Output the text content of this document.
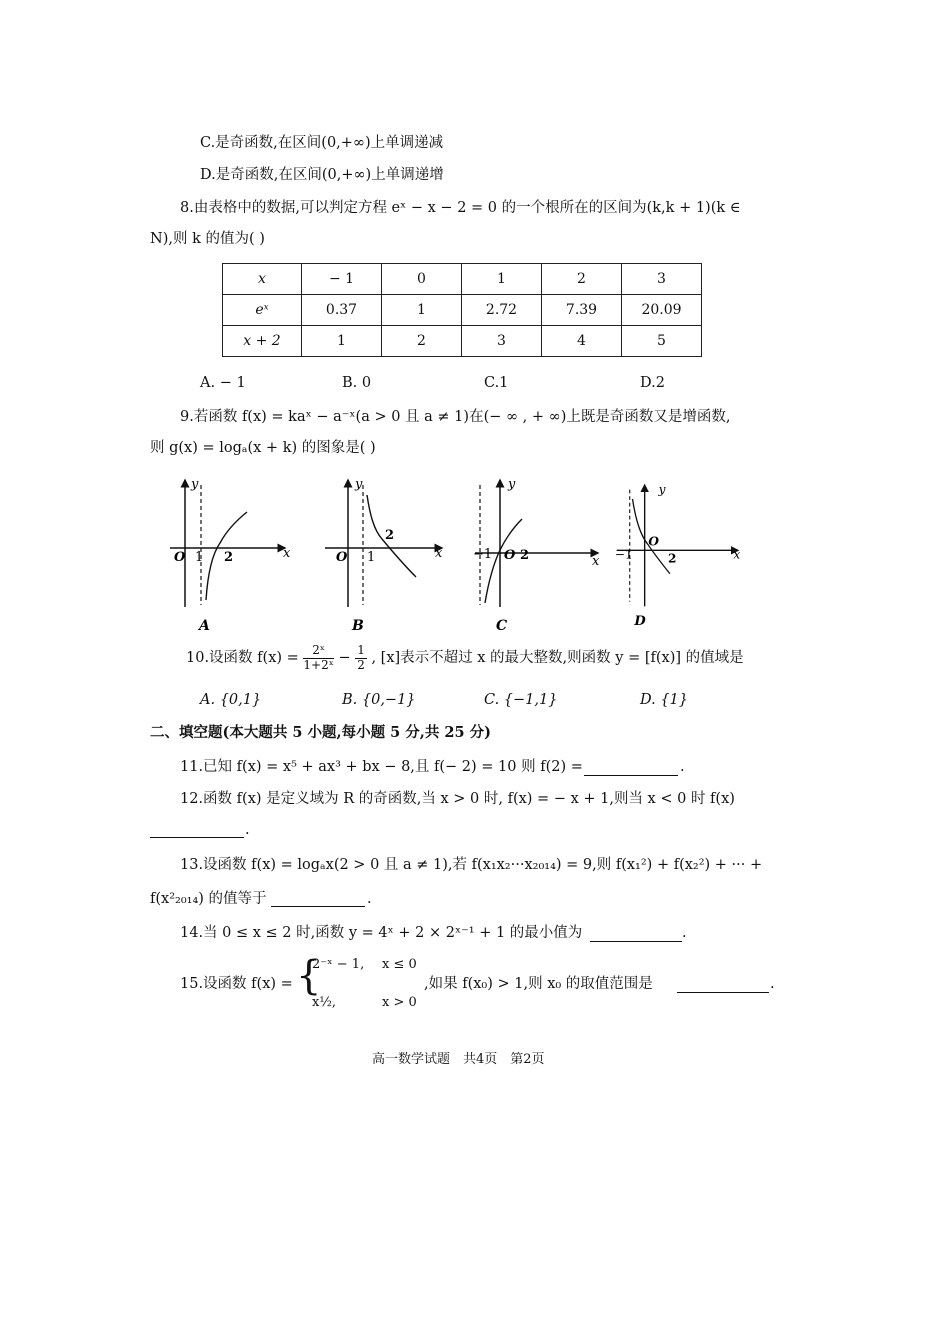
C.是奇函数,在区间(0,+∞)上单调递减
D.是奇函数,在区间(0,+∞)上单调递增
8.由表格中的数据,可以判定方程 eˣ − x − 2 = 0 的一个根所在的区间为(k,k + 1)(k ∈
N),则 k 的值为( )
x	− 1	0	1	2	3
eˣ	0.37	1	2.72	7.39	20.09
x + 2	1	2	3	4	5
A. − 1	B. 0	C.1	D.2
9.若函数 f(x) = kaˣ − a⁻ˣ(a > 0 且 a ≠ 1)在(− ∞ , + ∞)上既是奇函数又是增函数,
则 g(x) = logₐ(x + k) 的图象是( )
O 1 2	x
y
A
O 1
2
x
y
B
−1 O 2	x
y
C
−1
O
2	x
y
D
10.设函数 $f(x) = \frac{\text{2ˣ}}{\text{1+2ˣ}} - \frac{1}{2}$ , [x]表示不超过 x 的最大整数,则函数 y = [f(x)] 的值域是
A. {0,1}	B. {0,−1}	C. {−1,1}	D. {1}
二、填空题(本大题共 5 小题,每小题 5 分,共 25 分)
11.已知 f(x) = x⁵ + ax³ + bx − 8,且 f(− 2) = 10 则 f(2) =	.
12.函数 f(x) 是定义域为 R 的奇函数,当 x > 0 时, f(x) = − x + 1,则当 x < 0 时 f(x)
.
13.设函数 f(x) = logₐx(2 > 0 且 a ≠ 1),若 f(x₁x₂···x₂₀₁₄) = 9,则 f(x₁²) + f(x₂²) + ··· +
f(x²₂₀₁₄) 的值等于	.
14.当 0 ≤ x ≤ 2 时,函数 y = 4ˣ + 2 × 2ˣ⁻¹ + 1 的最小值为	.
15.设函数 f(x) = {
2⁻ˣ − 1, x ≤ 0
x½,	x > 0
,如果 f(x₀) > 1,则 x₀ 的取值范围是	.
高一数学试题　共4页　第2页
